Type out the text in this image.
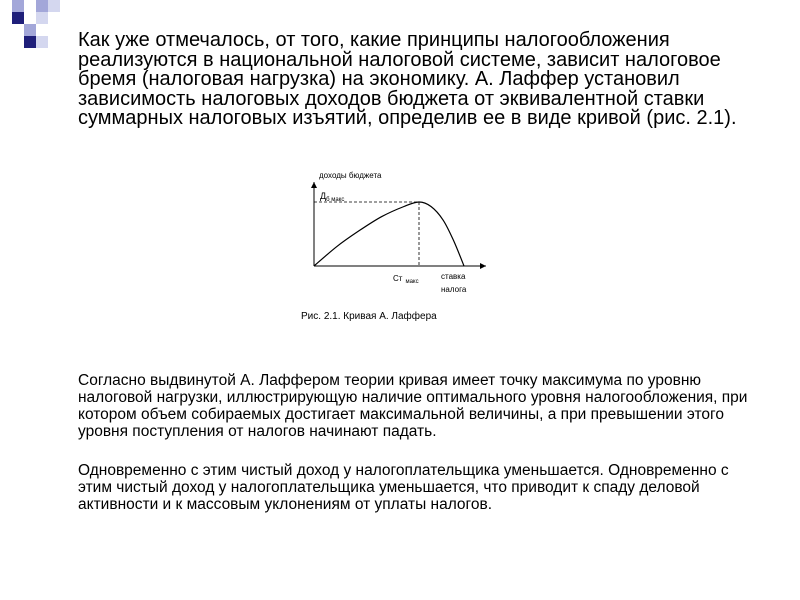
Как уже отмечалось, от того, какие принципы налогообложения реализуются в национальной налоговой системе, зависит налоговое бремя (налоговая нагрузка) на экономику. А. Лаффер установил зависимость налоговых доходов бюджета от эквивалентной ставки суммарных налоговых изъятий, определив ее в виде кривой (рис. 2.1).

доходы бюджета
$Д_{б макс}$
Ст $_{макс}$
ставка
налога
Рис. 2.1. Кривая А. Лаффера

Согласно выдвинутой А. Лаффером теории кривая имеет точку максимума по уровню налоговой нагрузки, иллюстрирующую наличие оптимального уровня налогообложения, при котором объем собираемых достигает максимальной величины, а при превышении этого уровня поступления от налогов начинают падать.

Одновременно с этим чистый доход у налогоплательщика уменьшается. Одновременно с этим чистый доход у налогоплательщика уменьшается, что приводит к спаду деловой активности и к массовым уклонениям от уплаты налогов.
